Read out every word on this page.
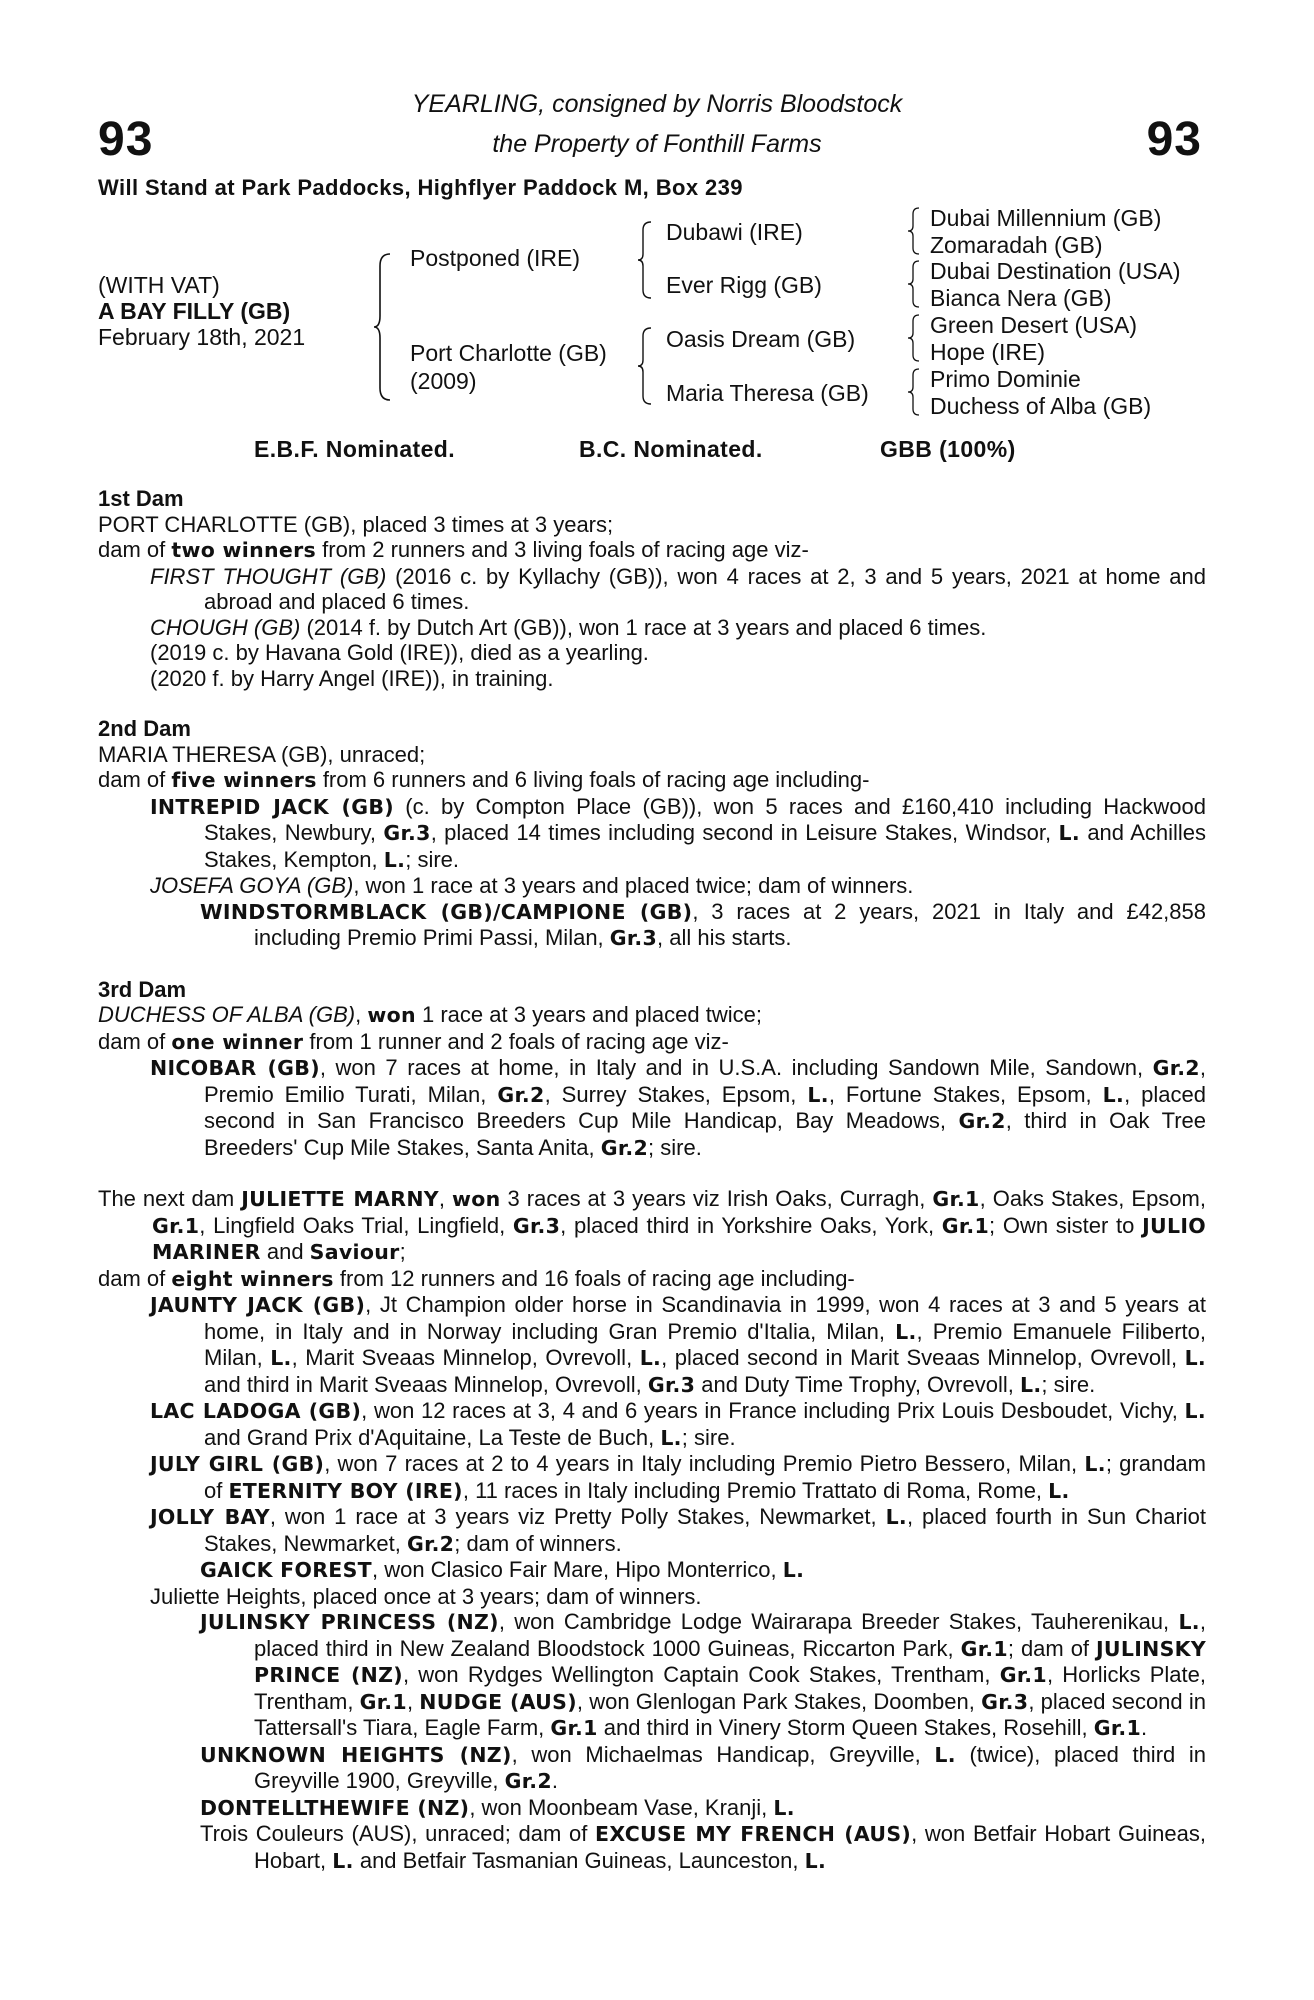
93	93
YEARLING, consigned by Norris Bloodstock
the Property of Fonthill Farms
Will Stand at Park Paddocks, Highflyer Paddock M, Box 239
(WITH VAT)
A BAY FILLY (GB)
February 18th, 2021
Postponed (IRE)
Port Charlotte (GB)
(2009)
Dubawi (IRE)
Ever Rigg (GB)
Oasis Dream (GB)
Maria Theresa (GB)
Dubai Millennium (GB)
Zomaradah (GB)
Dubai Destination (USA)
Bianca Nera (GB)
Green Desert (USA)
Hope (IRE)
Primo Dominie
Duchess of Alba (GB)
E.B.F. Nominated.	B.C. Nominated.	GBB (100%)

1st Dam

PORT CHARLOTTE (GB), placed 3 times at 3 years;

dam of two winners from 2 runners and 3 living foals of racing age viz-

FIRST THOUGHT (GB) (2016 c. by Kyllachy (GB)), won 4 races at 2, 3 and 5 years, 2021 at home and abroad and placed 6 times.

CHOUGH (GB) (2014 f. by Dutch Art (GB)), won 1 race at 3 years and placed 6 times.

(2019 c. by Havana Gold (IRE)), died as a yearling.

(2020 f. by Harry Angel (IRE)), in training.

2nd Dam

MARIA THERESA (GB), unraced;

dam of five winners from 6 runners and 6 living foals of racing age including-

INTREPID JACK (GB) (c. by Compton Place (GB)), won 5 races and £160,410 including Hackwood Stakes, Newbury, Gr.3, placed 14 times including second in Leisure Stakes, Windsor, L. and Achilles Stakes, Kempton, L.; sire.

JOSEFA GOYA (GB), won 1 race at 3 years and placed twice; dam of winners.

WINDSTORMBLACK (GB)/CAMPIONE (GB), 3 races at 2 years, 2021 in Italy and £42,858 including Premio Primi Passi, Milan, Gr.3, all his starts.

3rd Dam

DUCHESS OF ALBA (GB), won 1 race at 3 years and placed twice;

dam of one winner from 1 runner and 2 foals of racing age viz-

NICOBAR (GB), won 7 races at home, in Italy and in U.S.A. including Sandown Mile, Sandown, Gr.2, Premio Emilio Turati, Milan, Gr.2, Surrey Stakes, Epsom, L., Fortune Stakes, Epsom, L., placed second in San Francisco Breeders Cup Mile Handicap, Bay Meadows, Gr.2, third in Oak Tree Breeders' Cup Mile Stakes, Santa Anita, Gr.2; sire.

The next dam JULIETTE MARNY, won 3 races at 3 years viz Irish Oaks, Curragh, Gr.1, Oaks Stakes, Epsom, Gr.1, Lingfield Oaks Trial, Lingfield, Gr.3, placed third in Yorkshire Oaks, York, Gr.1; Own sister to JULIO MARINER and Saviour;

dam of eight winners from 12 runners and 16 foals of racing age including-

JAUNTY JACK (GB), Jt Champion older horse in Scandinavia in 1999, won 4 races at 3 and 5 years at home, in Italy and in Norway including Gran Premio d'Italia, Milan, L., Premio Emanuele Filiberto, Milan, L., Marit Sveaas Minnelop, Ovrevoll, L., placed second in Marit Sveaas Minnelop, Ovrevoll, L. and third in Marit Sveaas Minnelop, Ovrevoll, Gr.3 and Duty Time Trophy, Ovrevoll, L.; sire.

LAC LADOGA (GB), won 12 races at 3, 4 and 6 years in France including Prix Louis Desboudet, Vichy, L. and Grand Prix d'Aquitaine, La Teste de Buch, L.; sire.

JULY GIRL (GB), won 7 races at 2 to 4 years in Italy including Premio Pietro Bessero, Milan, L.; grandam of ETERNITY BOY (IRE), 11 races in Italy including Premio Trattato di Roma, Rome, L.

JOLLY BAY, won 1 race at 3 years viz Pretty Polly Stakes, Newmarket, L., placed fourth in Sun Chariot Stakes, Newmarket, Gr.2; dam of winners.

GAICK FOREST, won Clasico Fair Mare, Hipo Monterrico, L.

Juliette Heights, placed once at 3 years; dam of winners.

JULINSKY PRINCESS (NZ), won Cambridge Lodge Wairarapa Breeder Stakes, Tauherenikau, L., placed third in New Zealand Bloodstock 1000 Guineas, Riccarton Park, Gr.1; dam of JULINSKY PRINCE (NZ), won Rydges Wellington Captain Cook Stakes, Trentham, Gr.1, Horlicks Plate, Trentham, Gr.1, NUDGE (AUS), won Glenlogan Park Stakes, Doomben, Gr.3, placed second in Tattersall's Tiara, Eagle Farm, Gr.1 and third in Vinery Storm Queen Stakes, Rosehill, Gr.1.

UNKNOWN HEIGHTS (NZ), won Michaelmas Handicap, Greyville, L. (twice), placed third in Greyville 1900, Greyville, Gr.2.

DONTELLTHEWIFE (NZ), won Moonbeam Vase, Kranji, L.

Trois Couleurs (AUS), unraced; dam of EXCUSE MY FRENCH (AUS), won Betfair Hobart Guineas, Hobart, L. and Betfair Tasmanian Guineas, Launceston, L.
